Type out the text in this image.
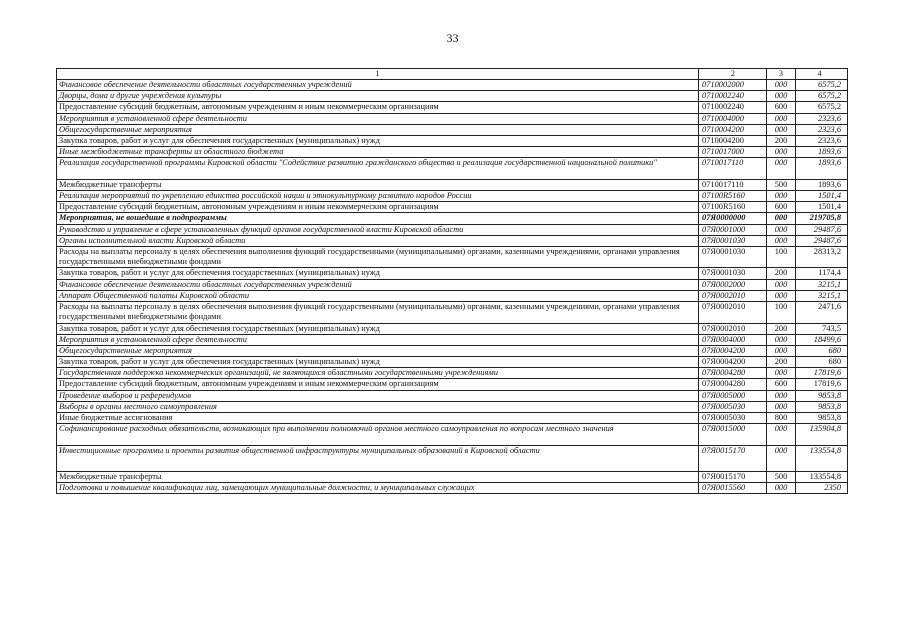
33
1	2	3	4
Финансовое обеспечение деятельности областных государственных учреждений	0710002000	000	6575,2
Дворцы, дома и другие учреждения культуры	0710002240	000	6575,2
Предоставление субсидий бюджетным, автономным учреждениям и иным некоммерческим организациям	0710002240	600	6575,2
Мероприятия в установленной сфере деятельности	0710004000	000	2323,6
Общегосударственные мероприятия	0710004200	000	2323,6
Закупка товаров, работ и услуг для обеспечения государственных (муниципальных) нужд	0710004200	200	2323,6
Иные межбюджетные трансферты из областного бюджета	0710017000	000	1893,6
Реализация государственной программы Кировской области "Содействие развитию гражданского общества и реализация государственной национальной политики"	0710017110	000	1893,6
Межбюджетные трансферты	0710017110	500	1893,6
Реализация мероприятий по укреплению единства российской нации и этнокультурному развитию народов России	07100R5160	000	1501,4
Предоставление субсидий бюджетным, автономным учреждениям и иным некоммерческим организациям	07100R5160	600	1501,4
Мероприятия, не вошедшие в подпрограммы	07Я0000000	000	219705,8
Руководство и управление в сфере установленных функций органов государственной власти Кировской области	07Я0001000	000	29487,6
Органы исполнительной власти Кировской области	07Я0001030	000	29487,6
Расходы на выплаты персоналу в целях обеспечения выполнения функций государственными (муниципальными) органами, казенными учреждениями, органами управления государственными внебюджетными фондами	07Я0001030	100	28313,2
Закупка товаров, работ и услуг для обеспечения государственных (муниципальных) нужд	07Я0001030	200	1174,4
Финансовое обеспечение деятельности областных государственных учреждений	07Я0002000	000	3215,1
Аппарат Общественной палаты Кировской области	07Я0002010	000	3215,1
Расходы на выплаты персоналу в целях обеспечения выполнения функций государственными (муниципальными) органами, казенными учреждениями, органами управления государственными внебюджетными фондами	07Я0002010	100	2471,6
Закупка товаров, работ и услуг для обеспечения государственных (муниципальных) нужд	07Я0002010	200	743,5
Мероприятия в установленной сфере деятельности	07Я0004000	000	18499,6
Общегосударственные мероприятия	07Я0004200	000	680
Закупка товаров, работ и услуг для обеспечения государственных (муниципальных) нужд	07Я0004200	200	680
Государственная поддержка некоммерческих организаций, не являющихся областными государственными учреждениями	07Я0004280	000	17819,6
Предоставление субсидий бюджетным, автономным учреждениям и иным некоммерческим организациям	07Я0004280	600	17819,6
Проведение выборов и референдумов	07Я0005000	000	9853,8
Выборы в органы местного самоуправления	07Я0005030	000	9853,8
Иные бюджетные ассигнования	07Я0005030	800	9853,8
Софинансирование расходных обязательств, возникающих при выполнении полномочий органов местного самоуправления по вопросам местного значения	07Я0015000	000	135904,8
Инвестиционные программы и проекты развития общественной инфраструктуры муниципальных образований в Кировской области	07Я0015170	000	133554,8
Межбюджетные трансферты	07Я0015170	500	133554,8
Подготовка и повышение квалификации лиц, замещающих муниципальные должности, и муниципальных служащих	07Я0015560	000	2350
